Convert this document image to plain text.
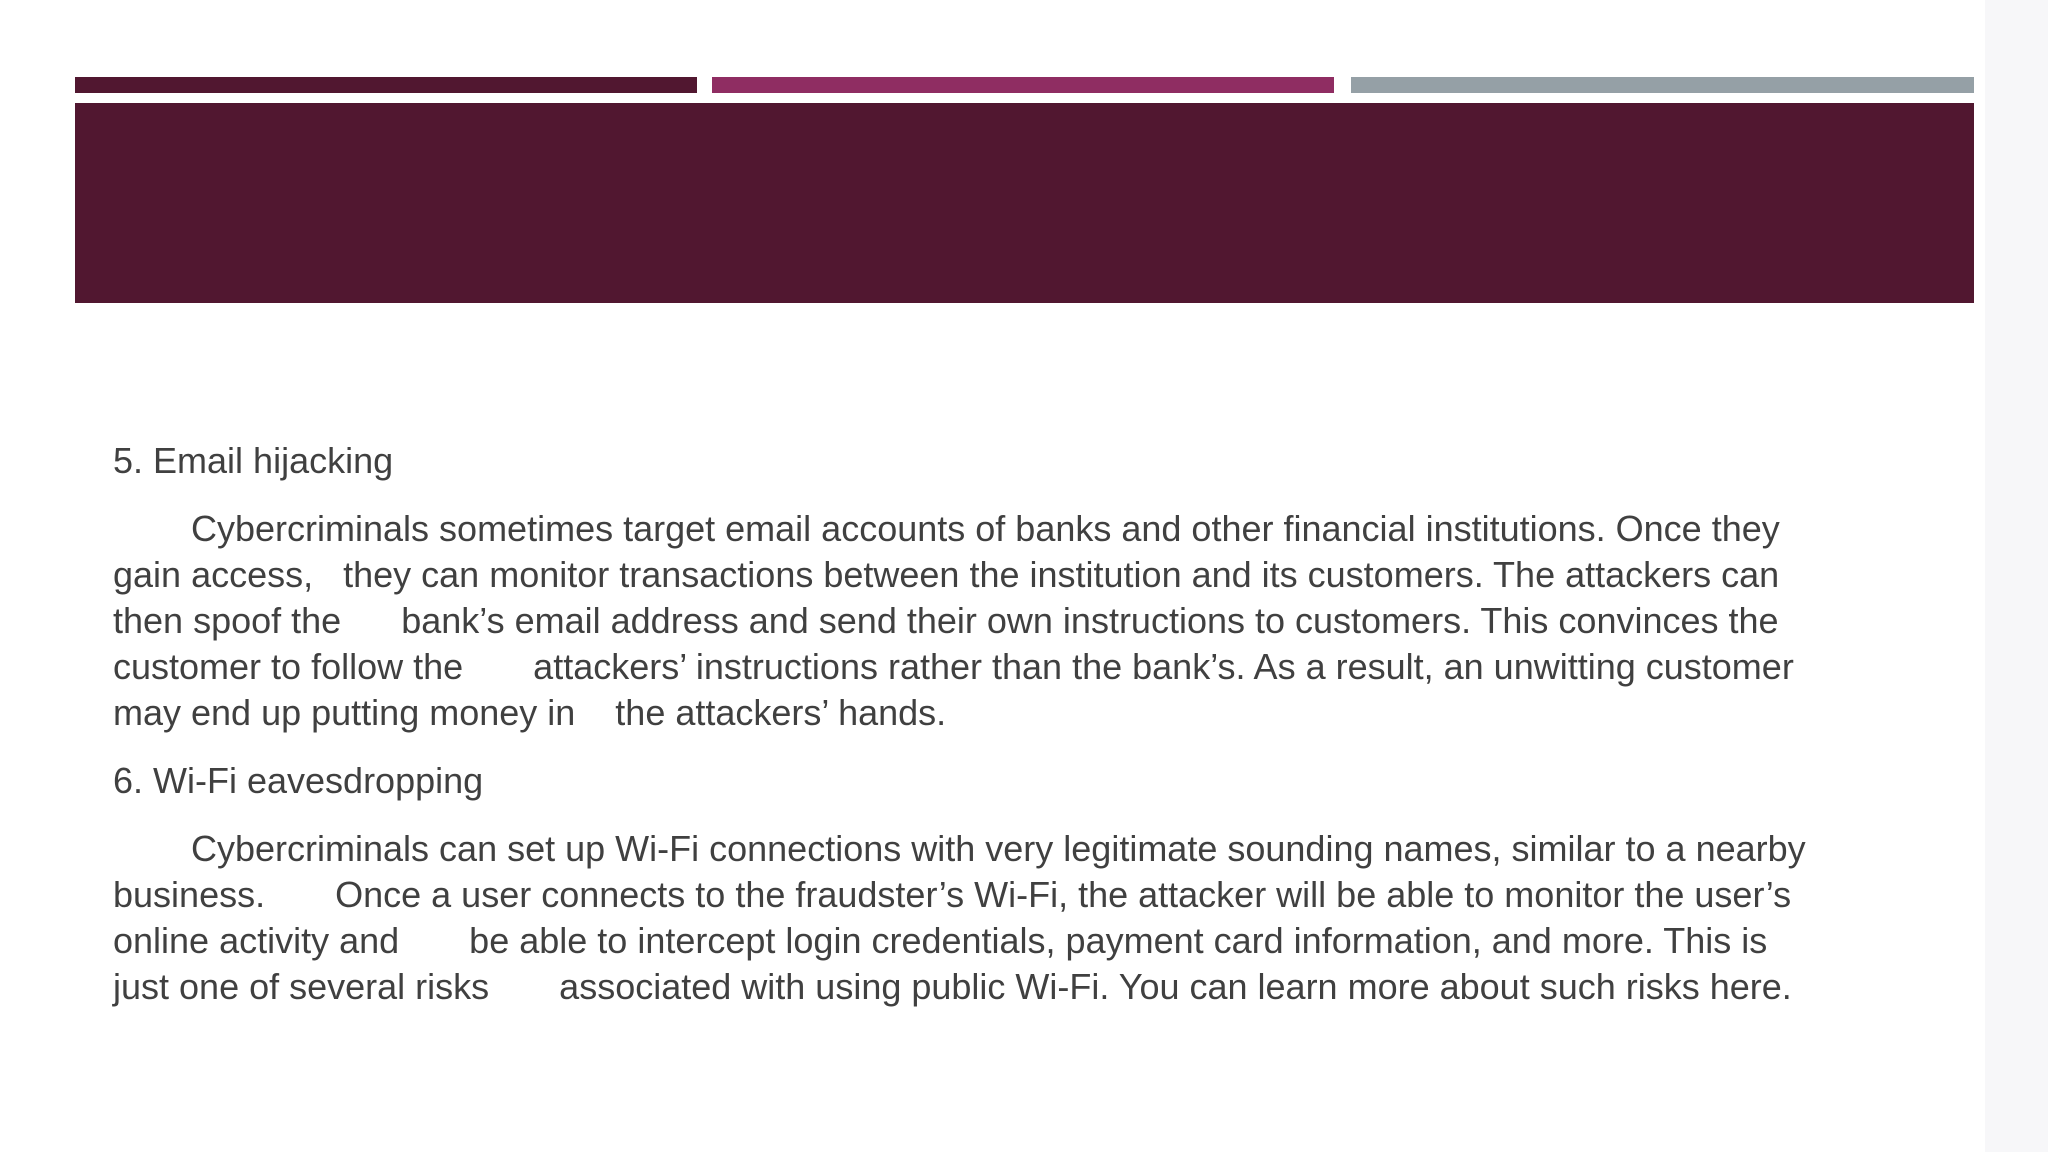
5. Email hijacking
Cybercriminals sometimes target email accounts of banks and other financial institutions. Once they
gain access,   they can monitor transactions between the institution and its customers. The attackers can
then spoof the      bank’s email address and send their own instructions to customers. This convinces the
customer to follow the       attackers’ instructions rather than the bank’s. As a result, an unwitting customer
may end up putting money in    the attackers’ hands.
6. Wi-Fi eavesdropping
Cybercriminals can set up Wi-Fi connections with very legitimate sounding names, similar to a nearby
business.       Once a user connects to the fraudster’s Wi-Fi, the attacker will be able to monitor the user’s
online activity and       be able to intercept login credentials, payment card information, and more. This is
just one of several risks       associated with using public Wi-Fi. You can learn more about such risks here.
